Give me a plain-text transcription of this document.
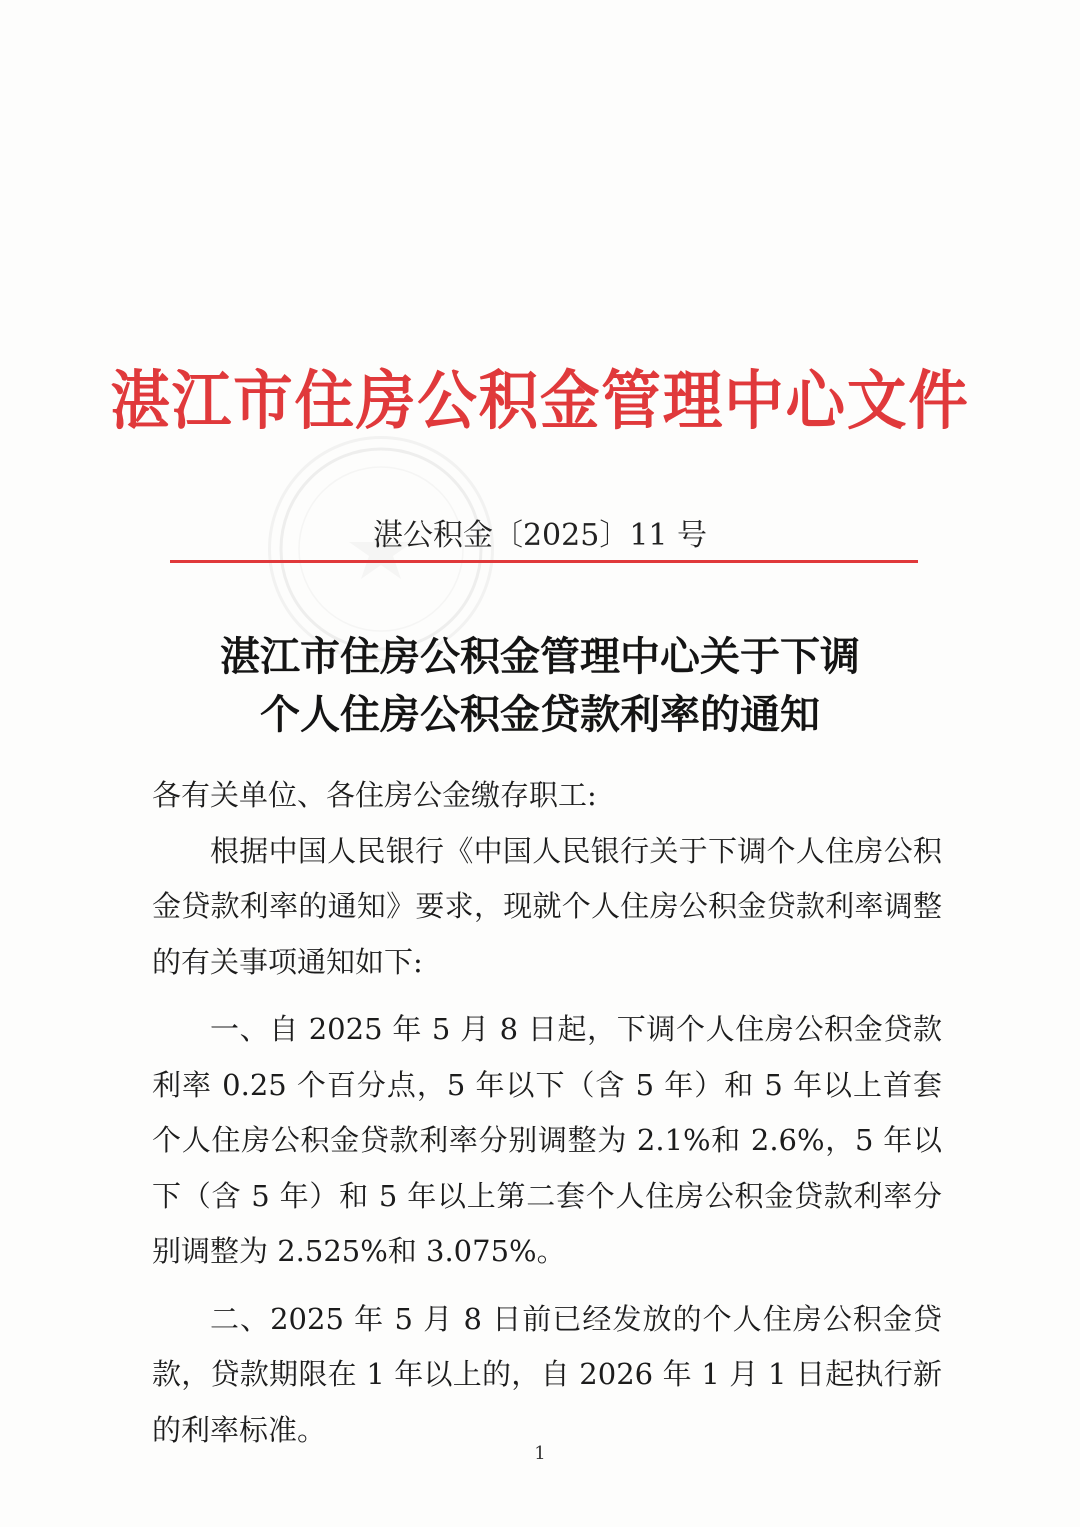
湛江市住房公积金管理中心文件
湛公积金〔2025〕11 号
湛江市住房公积金管理中心关于下调
个人住房公积金贷款利率的通知

各有关单位、各住房公金缴存职工:

根据中国人民银行《中国人民银行关于下调个人住房公积金贷款利率的通知》要求，现就个人住房公积金贷款利率调整的有关事项通知如下:

一、自 2025 年 5 月 8 日起，下调个人住房公积金贷款利率 0.25 个百分点，5 年以下（含 5 年）和 5 年以上首套个人住房公积金贷款利率分别调整为 2.1%和 2.6%，5 年以下（含 5 年）和 5 年以上第二套个人住房公积金贷款利率分别调整为 2.525%和 3.075%。

二、2025 年 5 月 8 日前已经发放的个人住房公积金贷款，贷款期限在 1 年以上的，自 2026 年 1 月 1 日起执行新的利率标准。

1
